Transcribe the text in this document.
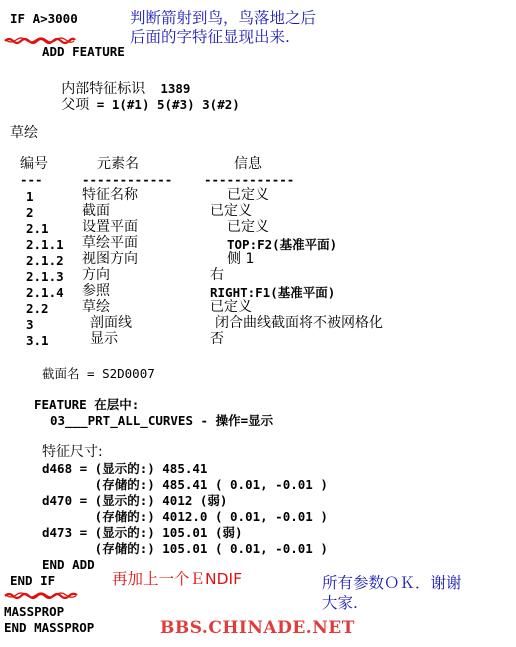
IF A>3000	判断箭射到鸟，鸟落地之后
后面的字特征显现出来.
ADD FEATURE

内部特征标识 1389

父项 = 1(#1) 5(#3) 3(#2)

草绘
编号	元素名	信息
---	------------	------------
1	特征名称	已定义
2	截面	已定义
2.1 设置平面	已定义
2.1.1 草绘平面	TOP:F2(基准平面)
2.1.2 视图方向	侧 1
2.1.3 方向	右
2.1.4 参照	RIGHT:F1(基准平面)
2.2 草绘	已定义
3	剖面线	闭合曲线截面将不被网格化
3.1	显示	否
截面名 = S2D0007
FEATURE 在层中:
03___PRT_ALL_CURVES - 操作=显示
特征尺寸:
d468 = (显示的:) 485.41
(存储的:) 485.41 ( 0.01, -0.01 )
d470 = (显示的:) 4012 (弱)
(存储的:) 4012.0 ( 0.01, -0.01 )
d473 = (显示的:) 105.01 (弱)
(存储的:) 105.01 ( 0.01, -0.01 )
END ADD
END IF	再加上一个ＥNDIF	所有参数ＯＫ．谢谢
大家.
MASSPROP
END MASSPROP	BBS.CHINADE.NET
